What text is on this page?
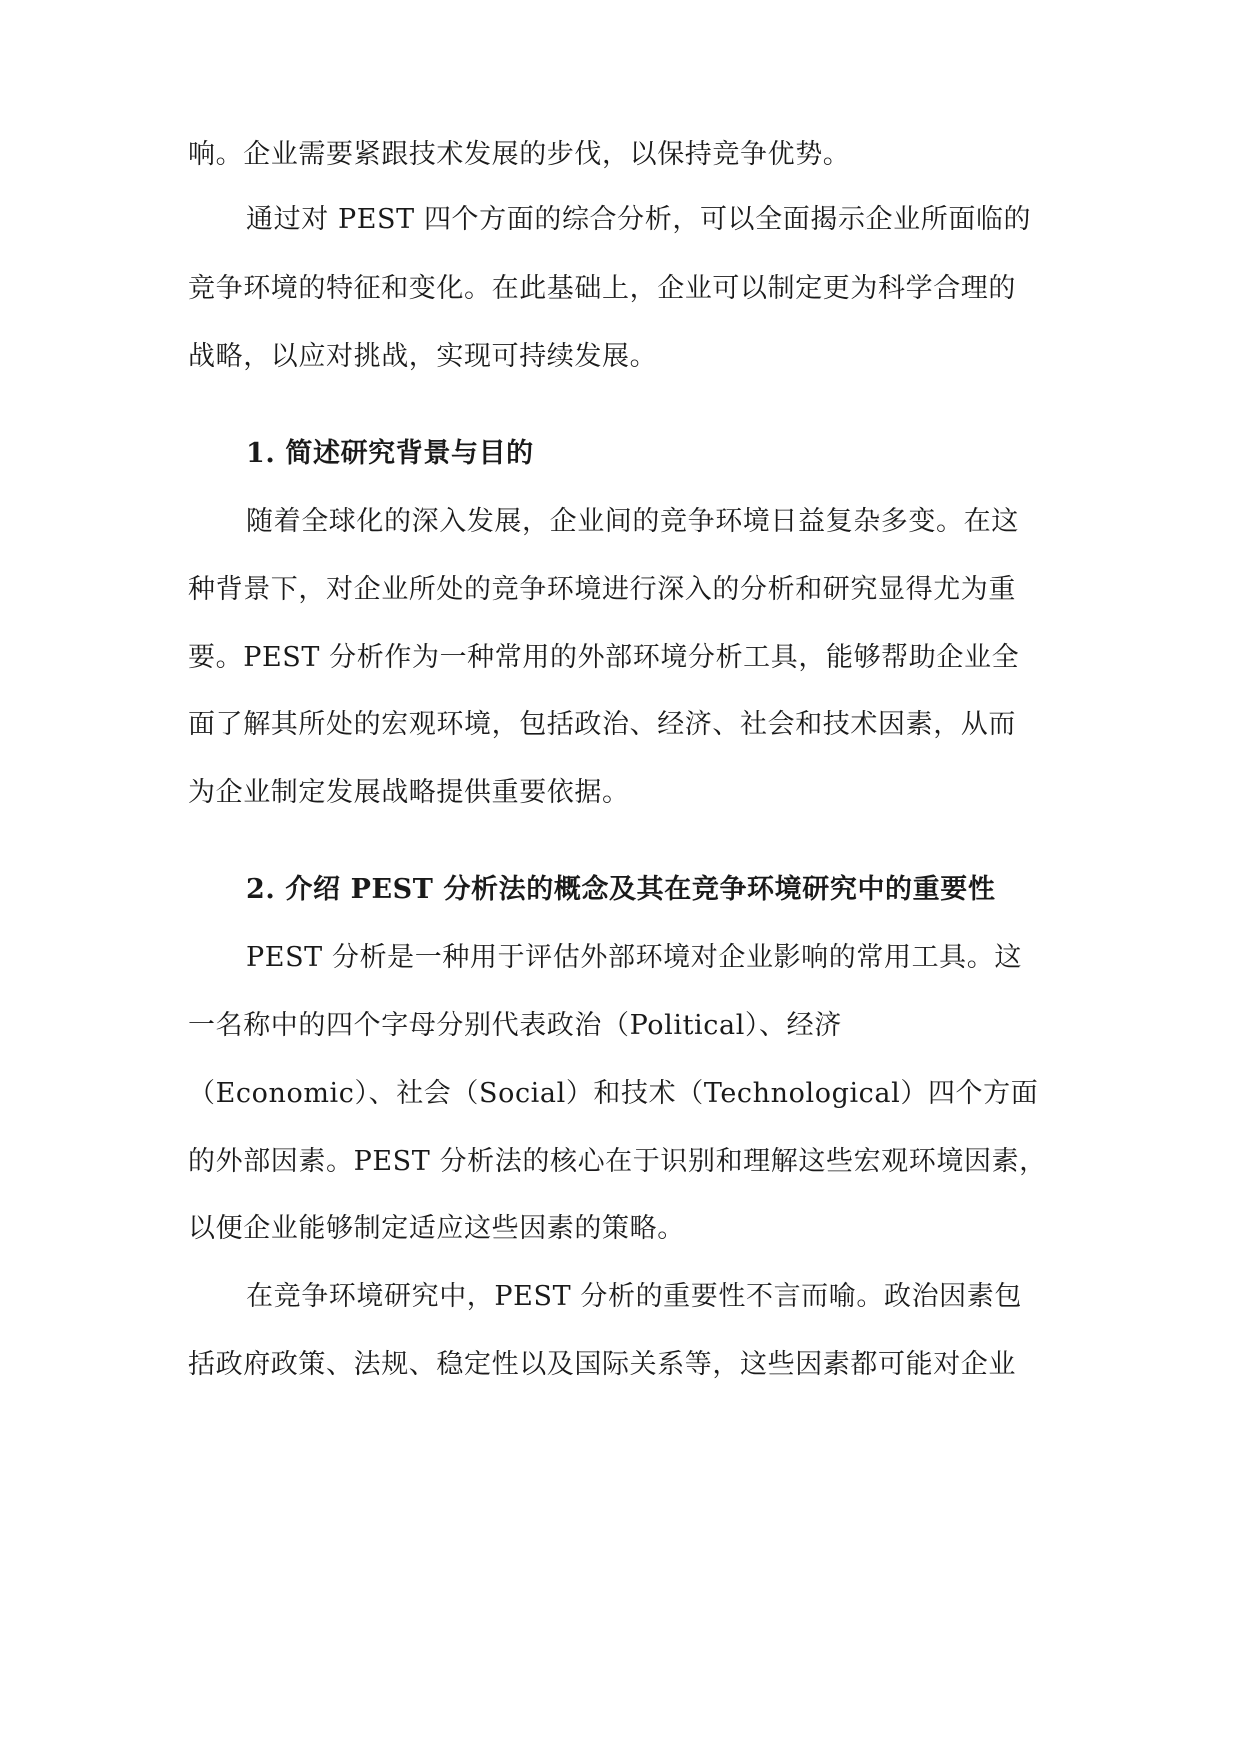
响。企业需要紧跟技术发展的步伐，以保持竞争优势。
通过对 PEST 四个方面的综合分析，可以全面揭示企业所面临的
竞争环境的特征和变化。在此基础上，企业可以制定更为科学合理的
战略，以应对挑战，实现可持续发展。
1. 简述研究背景与目的
随着全球化的深入发展，企业间的竞争环境日益复杂多变。在这
种背景下，对企业所处的竞争环境进行深入的分析和研究显得尤为重
要。PEST 分析作为一种常用的外部环境分析工具，能够帮助企业全
面了解其所处的宏观环境，包括政治、经济、社会和技术因素，从而
为企业制定发展战略提供重要依据。
2. 介绍 PEST 分析法的概念及其在竞争环境研究中的重要性
PEST 分析是一种用于评估外部环境对企业影响的常用工具。这
一名称中的四个字母分别代表政治（Political）、经济
（Economic）、社会（Social）和技术（Technological）四个方面
的外部因素。PEST 分析法的核心在于识别和理解这些宏观环境因素，
以便企业能够制定适应这些因素的策略。
在竞争环境研究中，PEST 分析的重要性不言而喻。政治因素包
括政府政策、法规、稳定性以及国际关系等，这些因素都可能对企业
